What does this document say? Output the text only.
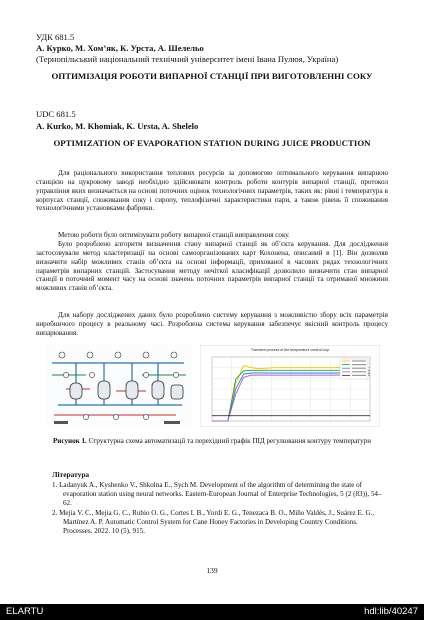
УДК 681.5

А. Курко, М. Хом’як, К. Урста, А. Шелельо

(Тернопільський національний технічний університет імені Івана Пулюя, Україна)

ОПТИМІЗАЦІЯ РОБОТИ ВИПАРНОЇ СТАНЦІЇ ПРИ ВИГОТОВЛЕННІ СОКУ

UDC 681.5

A. Kurko, M. Khomiak, K. Ursta, A. Shelelo

OPTIMIZATION OF EVAPORATION STATION DURING JUICE PRODUCTION

Для раціонального використання теплових ресурсів за допомогою оптимального керування випарною станцією на цукровому заводі необхідно здійснювати контроль роботи контурів випарної станції, протокол управління яких визначається на основі поточних оцінок технологічних параметрів, таких як: рівні і температура в корпусах станції, споживання соку і сиропу, теплофізичні характеристики пари, а також рівень її споживання технологічними установками фабрики.

Метою роботи було оптимізувати роботу випарної станції виправлення соку.

Було розроблено алгоритм визначення стану випарної станції як об’єкта керування. Для дослідження застосовували метод кластеризації на основі самоорганізованих карт Кохонена, описаний в [1]. Він дозволяв визначити набір можливих станів об’єкта на основі інформації, прихованої в часових рядах технологічних параметрів випарних станцій. Застосування методу нечіткої класифікації дозволило визначити стан випарної станції в поточний момент часу на основі значень поточних параметрів випарної станції та отриманої множини можливих станів об’єкта.

Для набору досліджених даних було розроблено систему керування з можливістю збору всіх параметрів виробничого процесу в реальному часі. Розроблена система керування забезпечує якісний контроль процесу випарювання.

Transient process of the temperature control loop

Рисунок 1. Структурна схема автоматизації та перехідний графік ПІД регулювання контуру температури

Література

1. Ladanyuk A., Kyshenko V., Shkolna E., Sych M. Development of the algorithm of determining the state of evaporation station using neural networks. Eastern-European Journal of Enterprise Technologies, 5 (2 (83)), 54–62.

2. Mejia V. C., Mejia G. C., Rubio O. G., Cortes I. B., Yordi E. G., Tenezaca B. O., Miño Valdés, J., Suárez E. G., Martínez A. P. Automatic Control System for Cane Honey Factories in Developing Country Conditions. Processes. 2022. 10 (5), 915.

139
ELARTU	hdl:lib/40247
